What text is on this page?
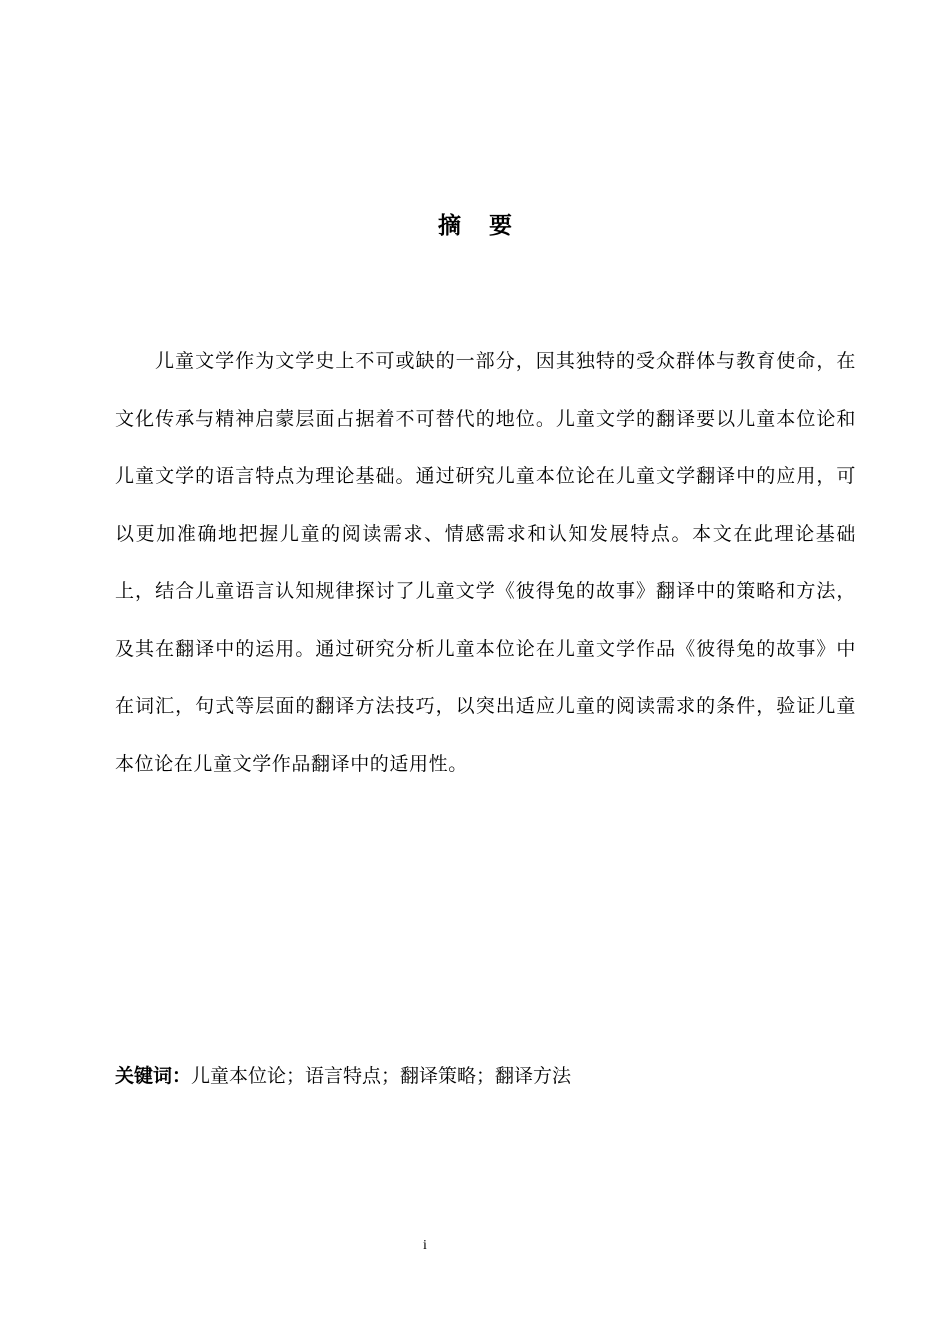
摘 要

儿童文学作为文学史上不可或缺的一部分，因其独特的受众群体与教育使命，在文化传承与精神启蒙层面占据着不可替代的地位。儿童文学的翻译要以儿童本位论和儿童文学的语言特点为理论基础。通过研究儿童本位论在儿童文学翻译中的应用，可以更加准确地把握儿童的阅读需求、情感需求和认知发展特点。本文在此理论基础上，结合儿童语言认知规律探讨了儿童文学《彼得兔的故事》翻译中的策略和方法，及其在翻译中的运用。通过研究分析儿童本位论在儿童文学作品《彼得兔的故事》中在词汇，句式等层面的翻译方法技巧，以突出适应儿童的阅读需求的条件，验证儿童本位论在儿童文学作品翻译中的适用性。

关键词：儿童本位论；语言特点；翻译策略；翻译方法
i
